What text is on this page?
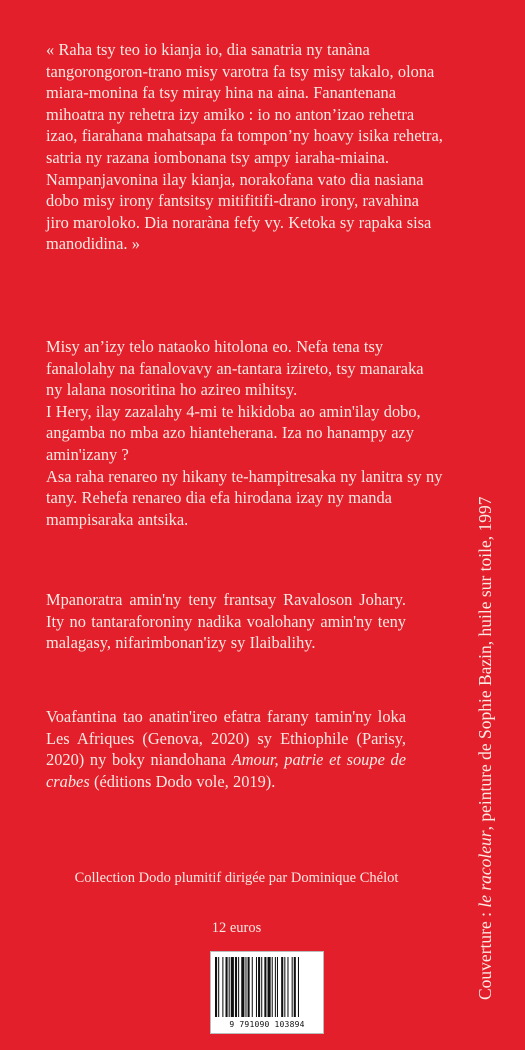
« Raha tsy teo io kianja io, dia sanatria ny tanàna tangorongoron-trano misy varotra fa tsy misy takalo, olona miara-monina fa tsy miray hina na aina. Fanantenana mihoatra ny rehetra izy amiko : io no anton’izao rehetra izao, fiarahana mahatsapa fa tompon’ny hoavy isika rehetra, satria ny razana iombonana tsy ampy iaraha-miaina.

Nampanjavonina ilay kianja, norakofana vato dia nasiana dobo misy irony fantsitsy mitifitifi-drano irony, ravahina jiro maroloko. Dia noraràna fefy vy. Ketoka sy rapaka sisa manodidina. »

Misy an’izy telo nataoko hitolona eo. Nefa tena tsy fanalolahy na fanalovavy an-tantara izireto, tsy manaraka ny lalana nosoritina ho azireo mihitsy.

I Hery, ilay zazalahy 4-mi te hikidoba ao amin'ilay dobo, angamba no mba azo hianteherana. Iza no hanampy azy amin'izany ?

Asa raha renareo ny hikany te-hampitresaka ny lanitra sy ny tany. Rehefa renareo dia efa hirodana izay ny manda mampisaraka antsika.

Mpanoratra amin'ny teny frantsay Ravaloson Johary. Ity no tantaraforoniny nadika voalohany amin'ny teny malagasy, nifarimbonan'izy sy Ilaibalihy.

Voafantina tao anatin'ireo efatra farany tamin'ny loka Les Afriques (Genova, 2020) sy Ethiophile (Parisy, 2020) ny boky niandohana Amour, patrie et soupe de crabes (éditions Dodo vole, 2019).

Collection Dodo plumitif dirigée par Dominique Chélot
12 euros
9 791090 103894
Couverture : le racoleur, peinture de Sophie Bazin, huile sur toile, 1997
